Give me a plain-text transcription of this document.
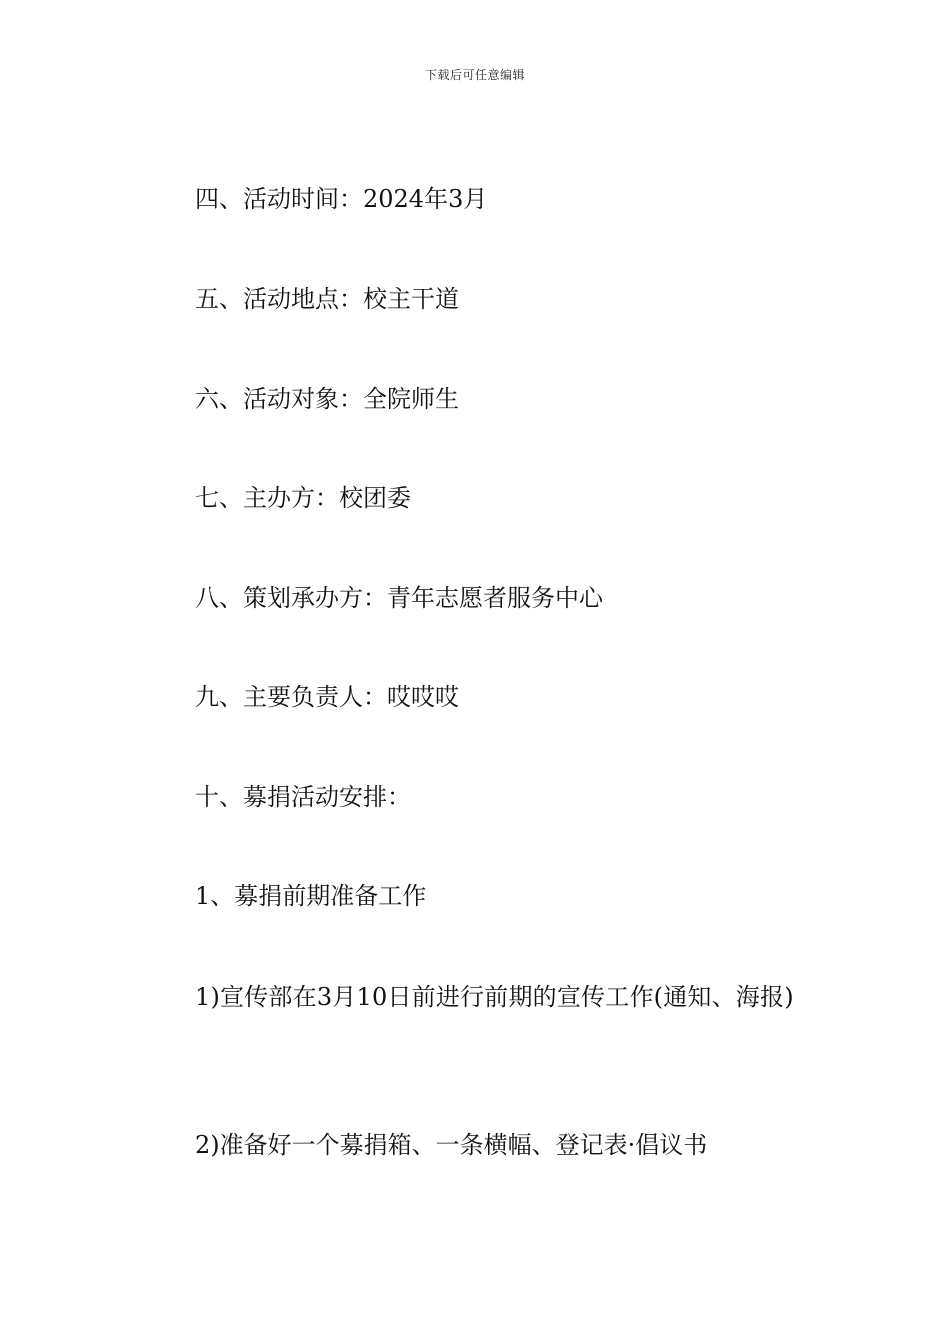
下载后可任意编辑
四、活动时间：2024年3月
五、活动地点：校主干道
六、活动对象：全院师生
七、主办方：校团委
八、策划承办方：青年志愿者服务中心
九、主要负责人：哎哎哎
十、募捐活动安排：
1、募捐前期准备工作
1)宣传部在3月10日前进行前期的宣传工作(通知、海报)
2)准备好一个募捐箱、一条横幅、登记表·倡议书
